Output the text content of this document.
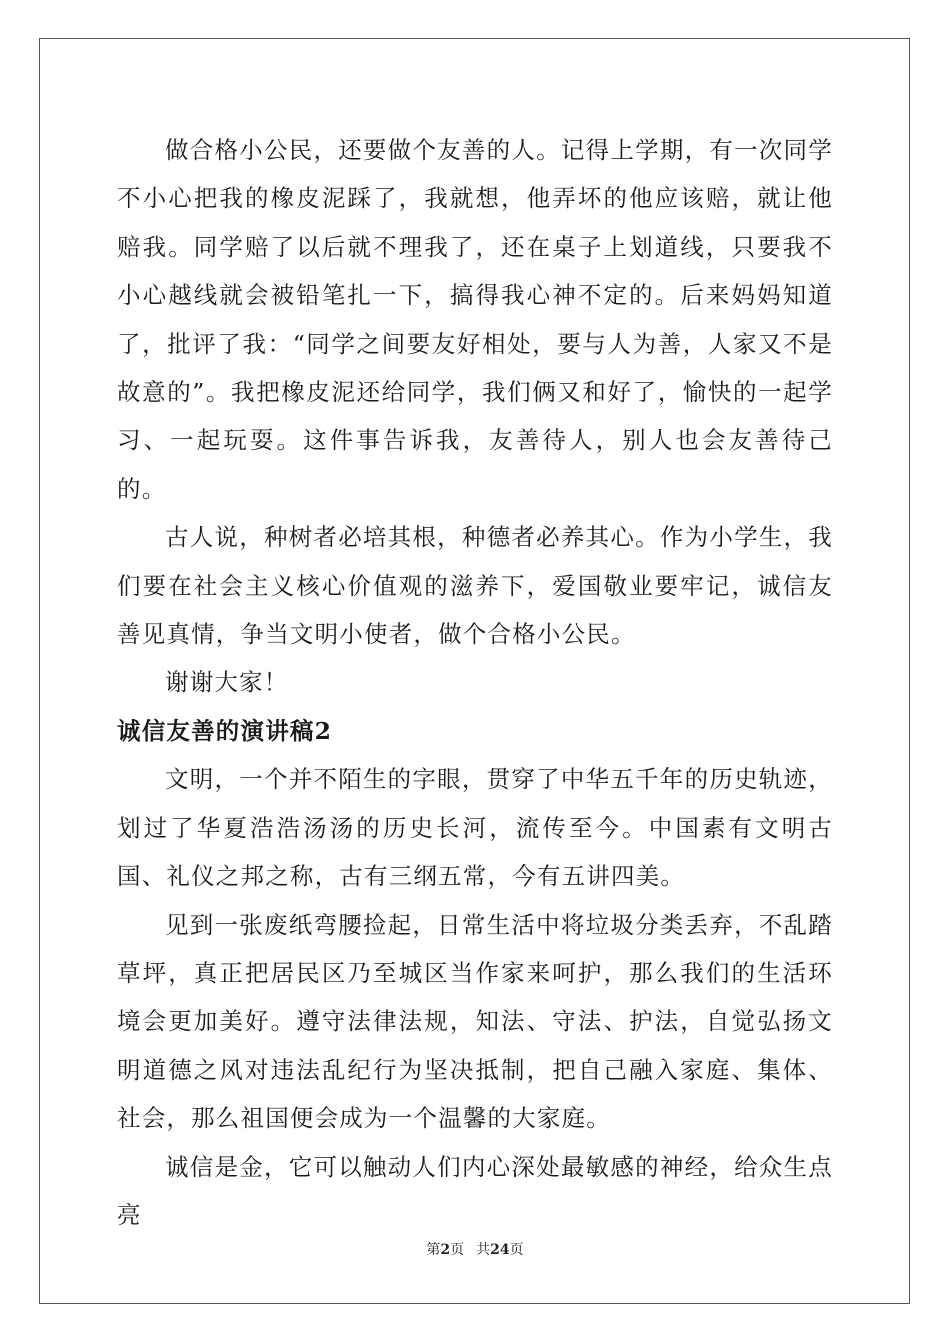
做合格小公民，还要做个友善的人。记得上学期，有一次同学不小心把我的橡皮泥踩了，我就想，他弄坏的他应该赔，就让他赔我。同学赔了以后就不理我了，还在桌子上划道线，只要我不小心越线就会被铅笔扎一下，搞得我心神不定的。后来妈妈知道了，批评了我：“同学之间要友好相处，要与人为善，人家又不是故意的”。我把橡皮泥还给同学，我们俩又和好了，愉快的一起学习、一起玩耍。这件事告诉我，友善待人，别人也会友善待己的。

古人说，种树者必培其根，种德者必养其心。作为小学生，我们要在社会主义核心价值观的滋养下，爱国敬业要牢记，诚信友善见真情，争当文明小使者，做个合格小公民。

谢谢大家！

诚信友善的演讲稿2

文明，一个并不陌生的字眼，贯穿了中华五千年的历史轨迹，划过了华夏浩浩汤汤的历史长河，流传至今。中国素有文明古国、礼仪之邦之称，古有三纲五常，今有五讲四美。

见到一张废纸弯腰捡起，日常生活中将垃圾分类丢弃，不乱踏草坪，真正把居民区乃至城区当作家来呵护，那么我们的生活环境会更加美好。遵守法律法规，知法、守法、护法，自觉弘扬文明道德之风对违法乱纪行为坚决抵制，把自己融入家庭、集体、社会，那么祖国便会成为一个温馨的大家庭。

诚信是金，它可以触动人们内心深处最敏感的神经，给众生点亮

第2页 共24页
